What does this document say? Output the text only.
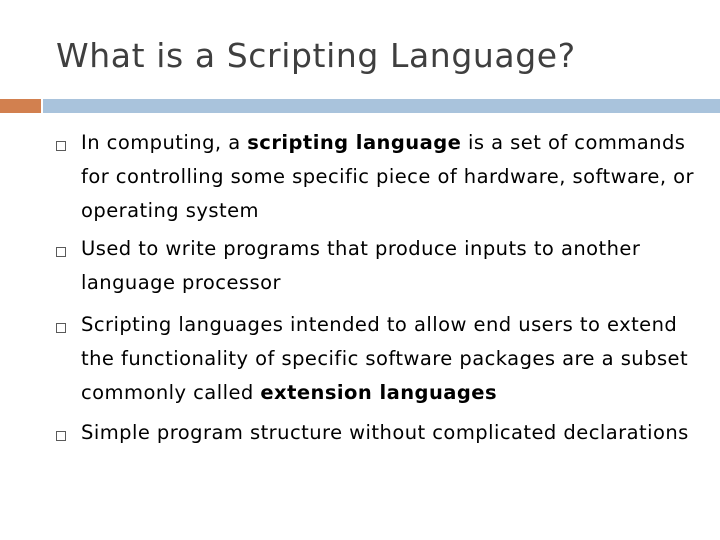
What is a Scripting Language?
In computing, a scripting language is a set of commands for controlling some specific piece of hardware, software, or operating system
Used to write programs that produce inputs to another language processor
Scripting languages intended to allow end users to extend the functionality of specific software packages are a subset commonly called extension languages
Simple program structure without complicated declarations
